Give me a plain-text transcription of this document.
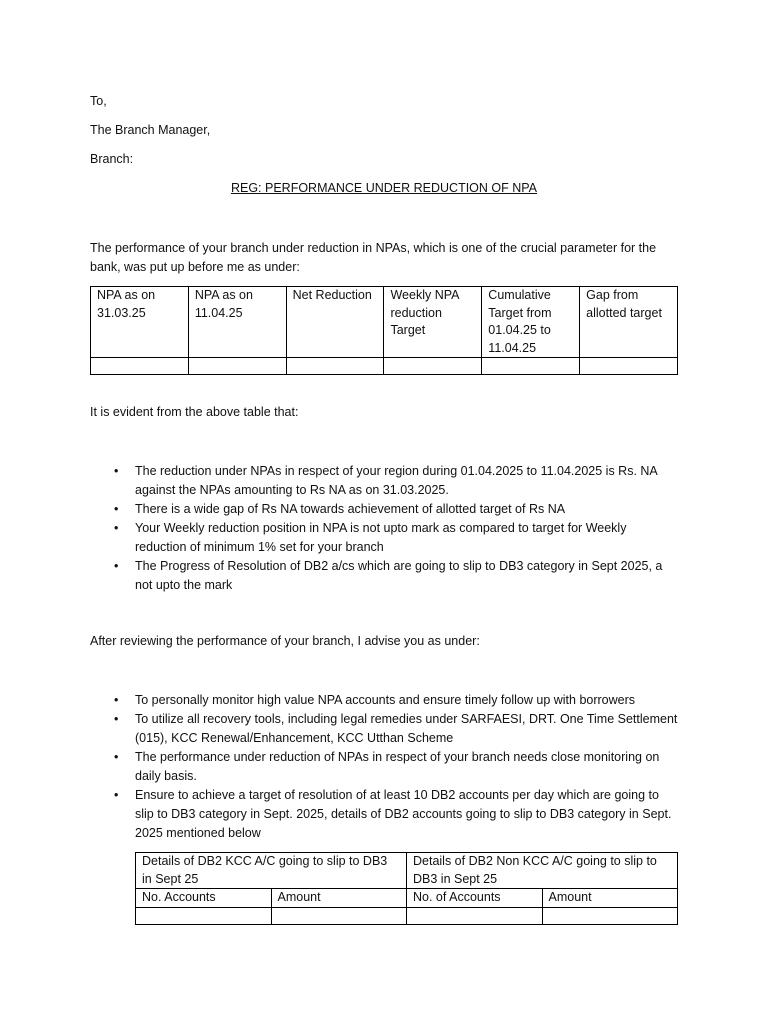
To,
The Branch Manager,
Branch:
REG: PERFORMANCE UNDER REDUCTION OF NPA
The performance of your branch under reduction in NPAs, which is one of the crucial parameter for the bank, was put up before me as under:
NPA as on 31.03.25	NPA as on 11.04.25	Net Reduction	Weekly NPA reduction Target	Cumulative Target from 01.04.25 to 11.04.25	Gap from allotted target

It is evident from the above table that:
• The reduction under NPAs in respect of your region during 01.04.2025 to 11.04.2025 is Rs. NA against the NPAs amounting to Rs NA as on 31.03.2025.
• There is a wide gap of Rs NA towards achievement of allotted target of Rs NA
• Your Weekly reduction position in NPA is not upto mark as compared to target for Weekly reduction of minimum 1% set for your branch
• The Progress of Resolution of DB2 a/cs which are going to slip to DB3 category in Sept 2025, a not upto the mark
After reviewing the performance of your branch, I advise you as under:
• To personally monitor high value NPA accounts and ensure timely follow up with borrowers
• To utilize all recovery tools, including legal remedies under SARFAESI, DRT. One Time Settlement (015), KCC Renewal/Enhancement, KCC Utthan Scheme
• The performance under reduction of NPAs in respect of your branch needs close monitoring on daily basis.
• Ensure to achieve a target of resolution of at least 10 DB2 accounts per day which are going to slip to DB3 category in Sept. 2025, details of DB2 accounts going to slip to DB3 category in Sept. 2025 mentioned below
Details of DB2 KCC A/C going to slip to DB3 in Sept 25		Details of DB2 Non KCC A/C going to slip to DB3 in Sept 25	
No. Accounts	Amount	No. of Accounts	Amount
